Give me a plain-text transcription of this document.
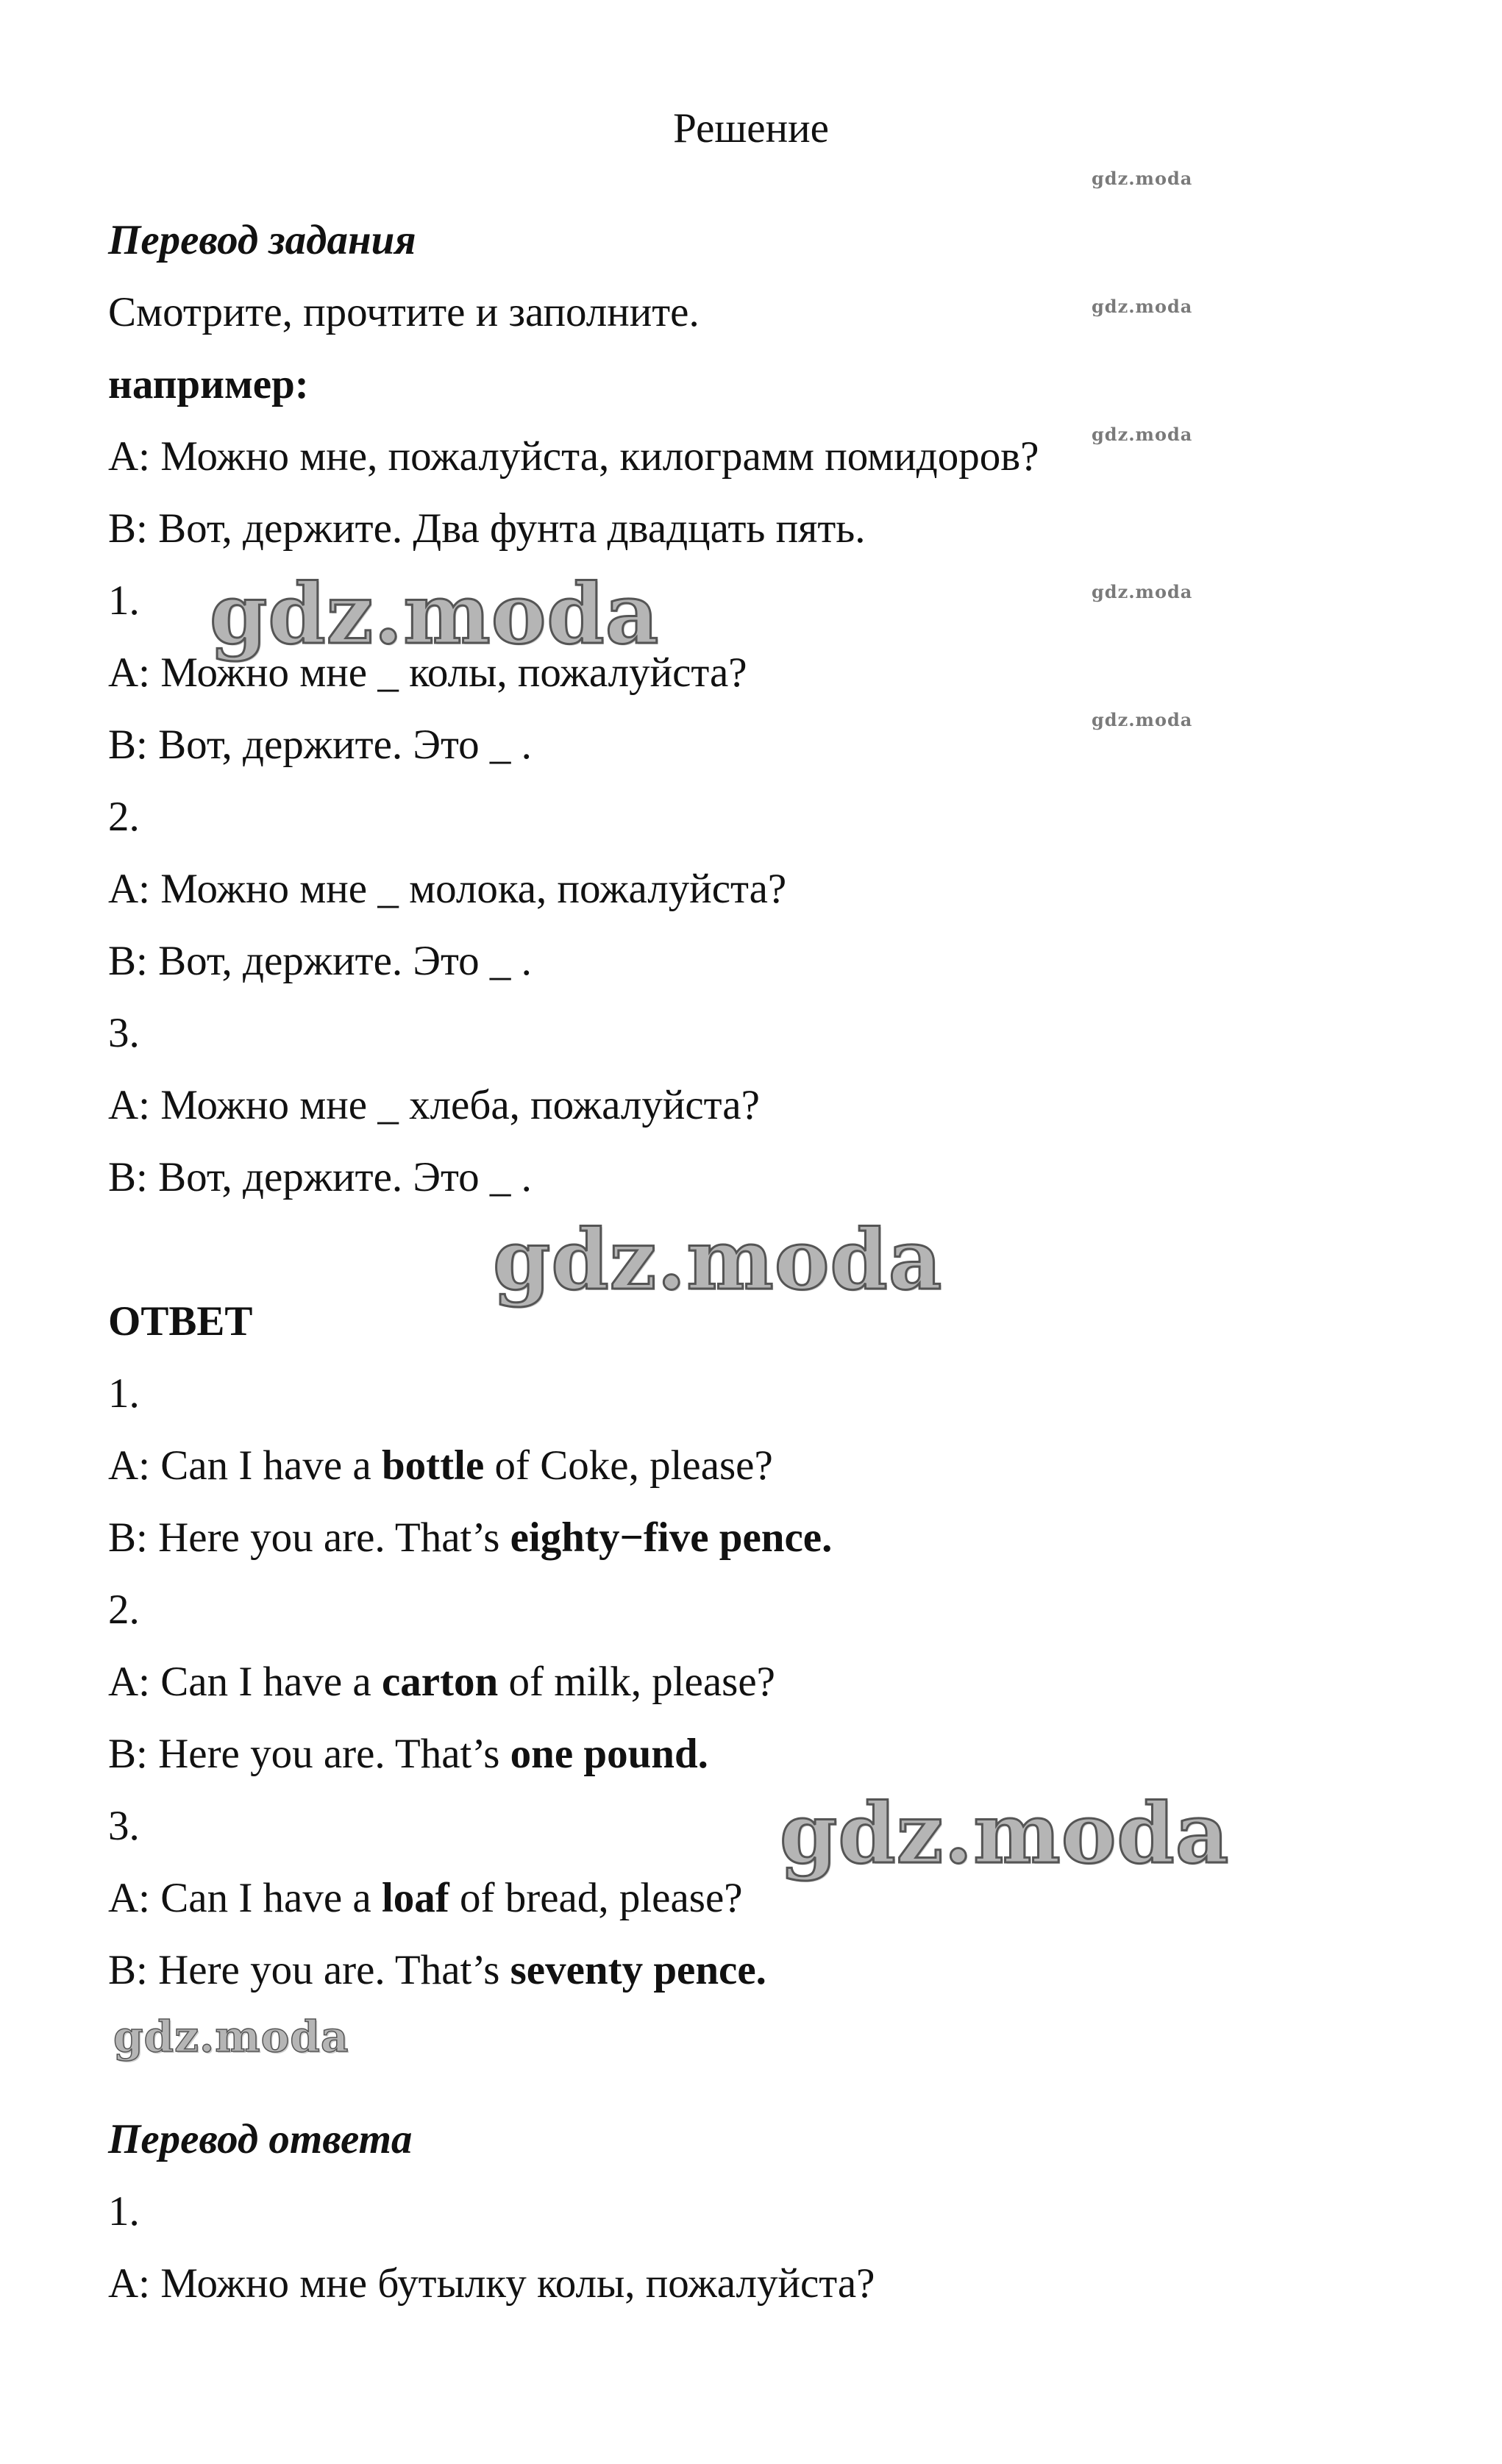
Решение
Перевод задания
Смотрите, прочтите и заполните.
например:
A: Можно мне, пожалуйста, килограмм помидоров?
B: Вот, держите. Два фунта двадцать пять.
1.
A: Можно мне _ колы, пожалуйста?
B: Вот, держите. Это _ .
2.
A: Можно мне _ молока, пожалуйста?
B: Вот, держите. Это _ .
3.
A: Можно мне _ хлеба, пожалуйста?
B: Вот, держите. Это _ .
ОТВЕТ
1.
A: Can I have a bottle of Coke, please?
B: Here you are. That’s eighty−five pence.
2.
A: Can I have a carton of milk, please?
B: Here you are. That’s one pound.
3.
A: Can I have a loaf of bread, please?
B: Here you are. That’s seventy pence.
Перевод ответа
1.
A: Можно мне бутылку колы, пожалуйста?
gdz.moda
gdz.moda
gdz.moda
gdz.moda
gdz.moda
gdz.moda
gdz.moda
gdz.moda
gdz.moda
